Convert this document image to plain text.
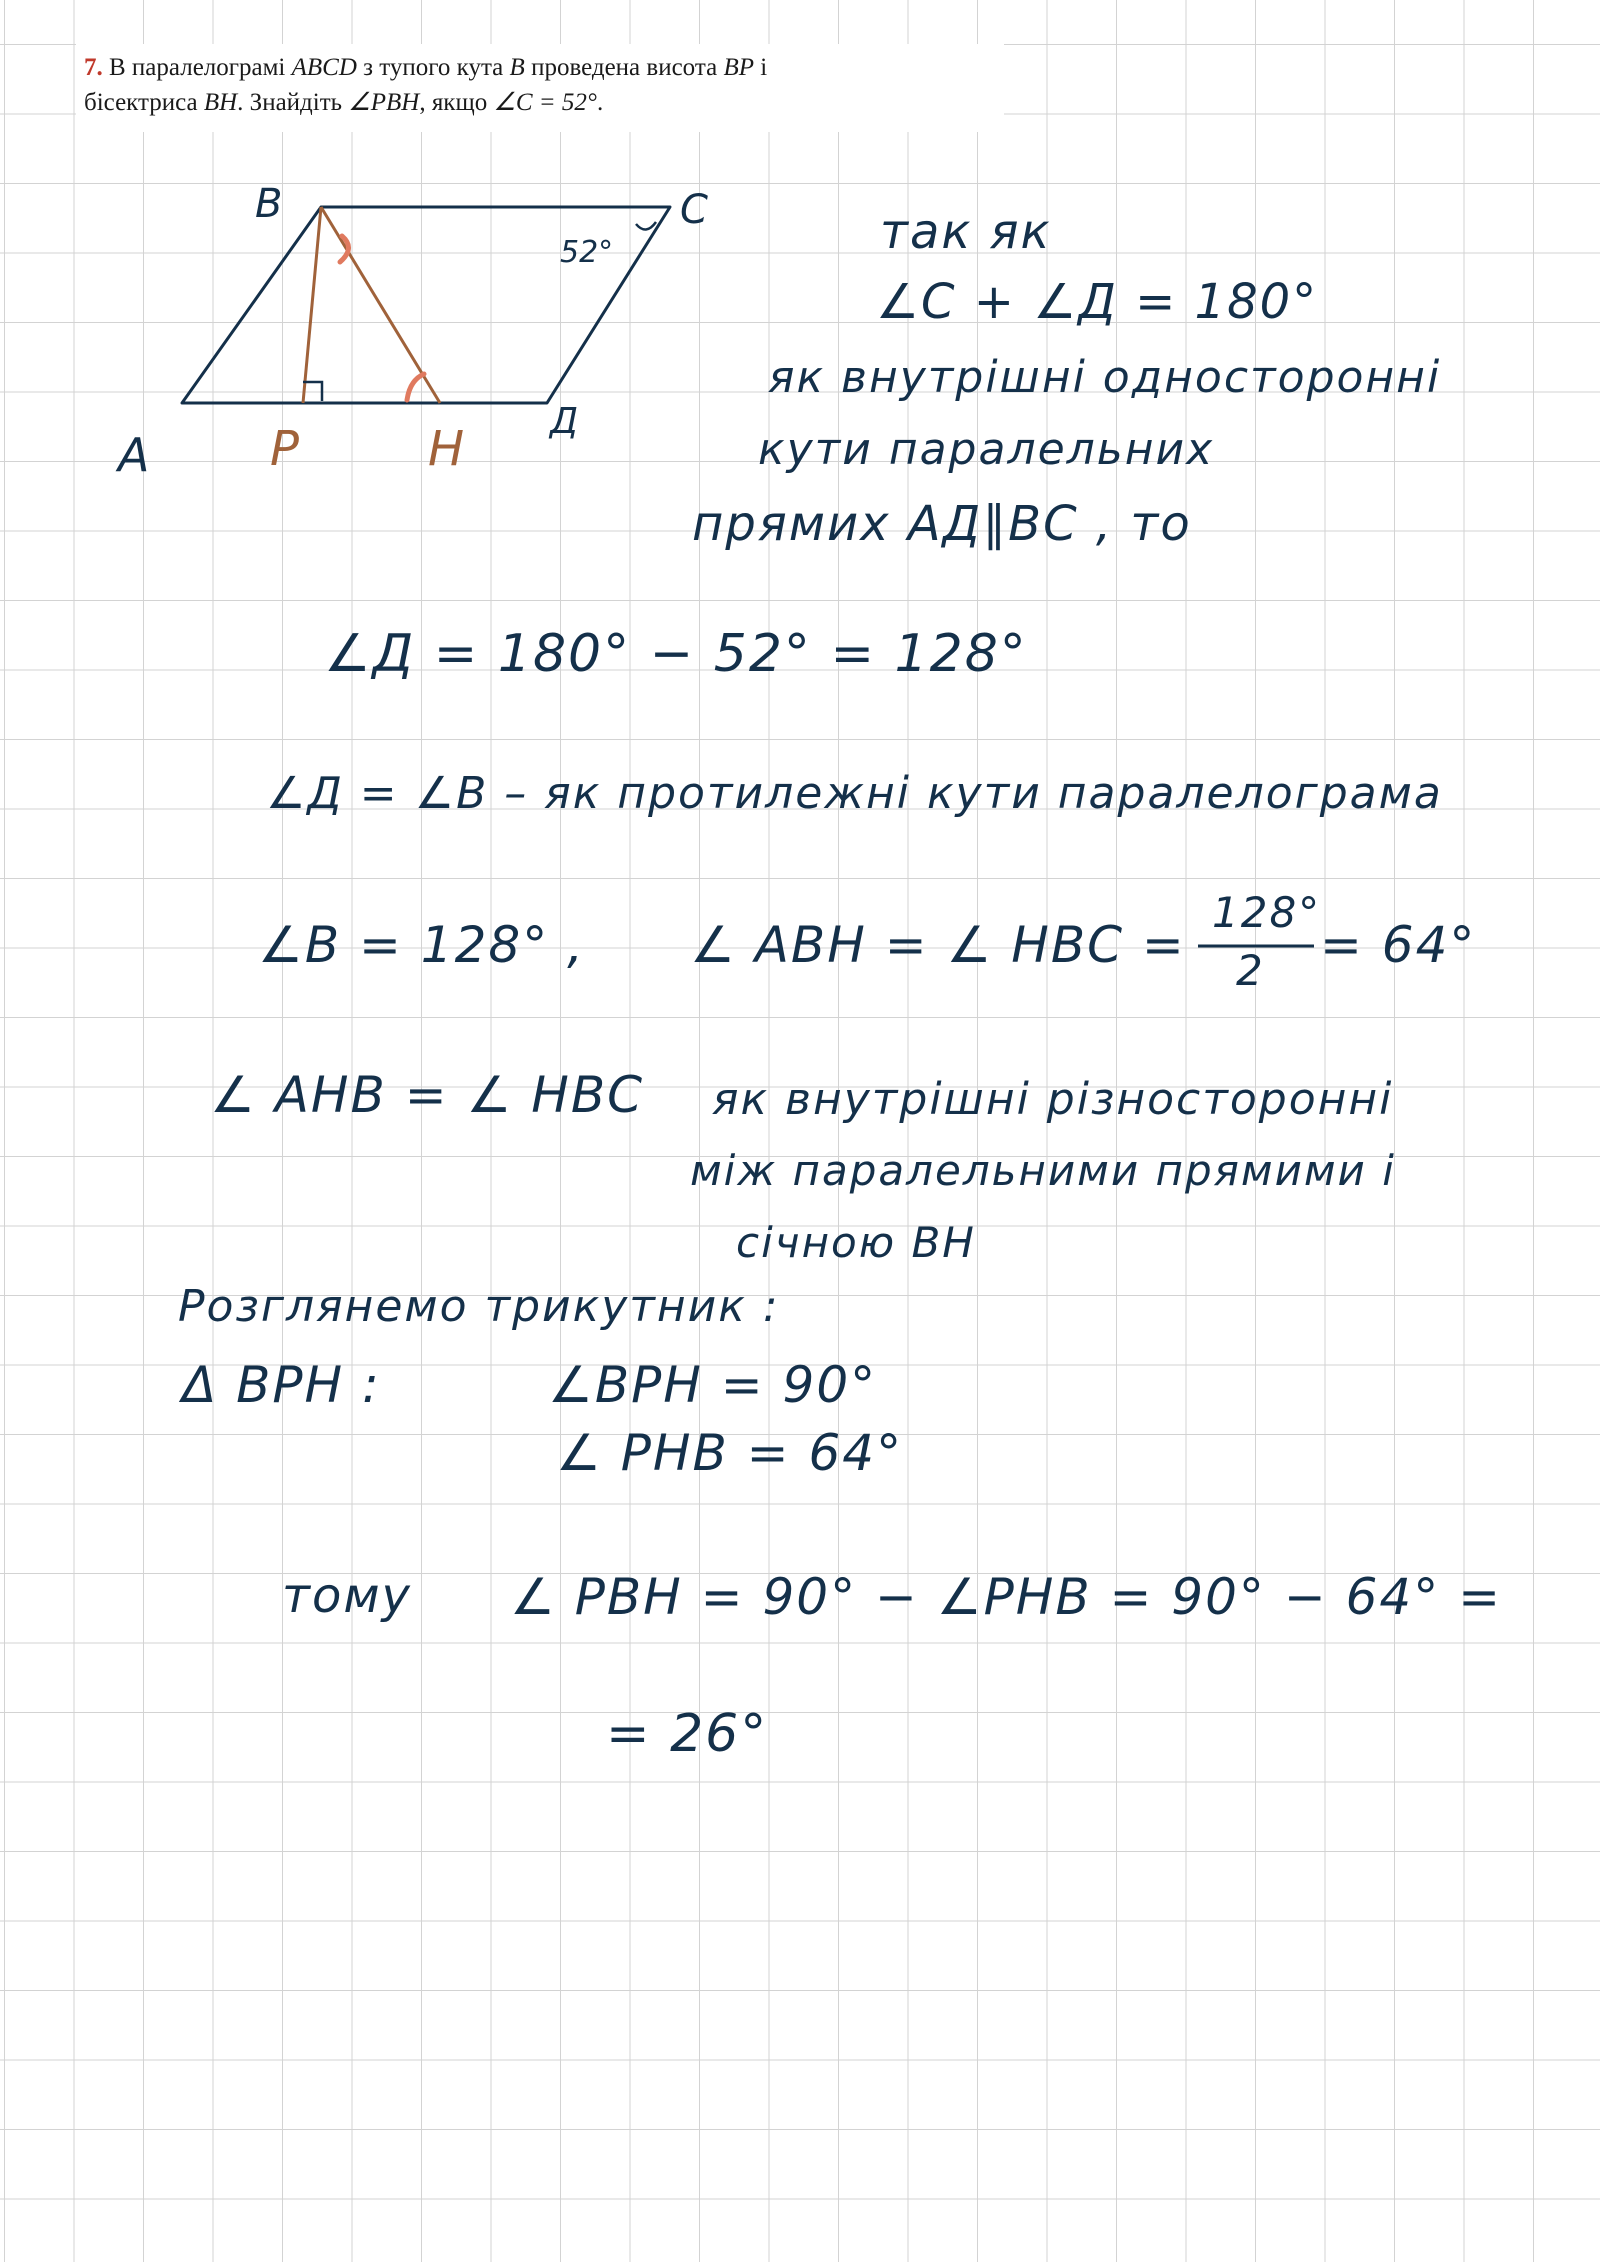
7. В паралелограмі ABCD з тупого кута B проведена висота BP і
бісектриса BH. Знайдіть ∠PBH, якщо ∠C = 52°.
B	C
A
Д
P	H
52°	так як
∠C + ∠Д = 180°
як внутрішні односторонні
кути паралельних
прямих АД∥ВС , то
∠Д = 180° − 52° = 128°
∠Д = ∠B – як протилежні кути паралелограма
∠B = 128° , ∠ ABH = ∠ HBC =
128°
2 = 64°
∠ AHB = ∠ HBC як внутрішні різносторонні
між паралельними прямими і
січною BH
Розглянемо трикутник :
Δ BPH :	∠BPH = 90°
∠ PHB = 64°
тому ∠ PBH = 90° − ∠PHB = 90° − 64° =
= 26°
